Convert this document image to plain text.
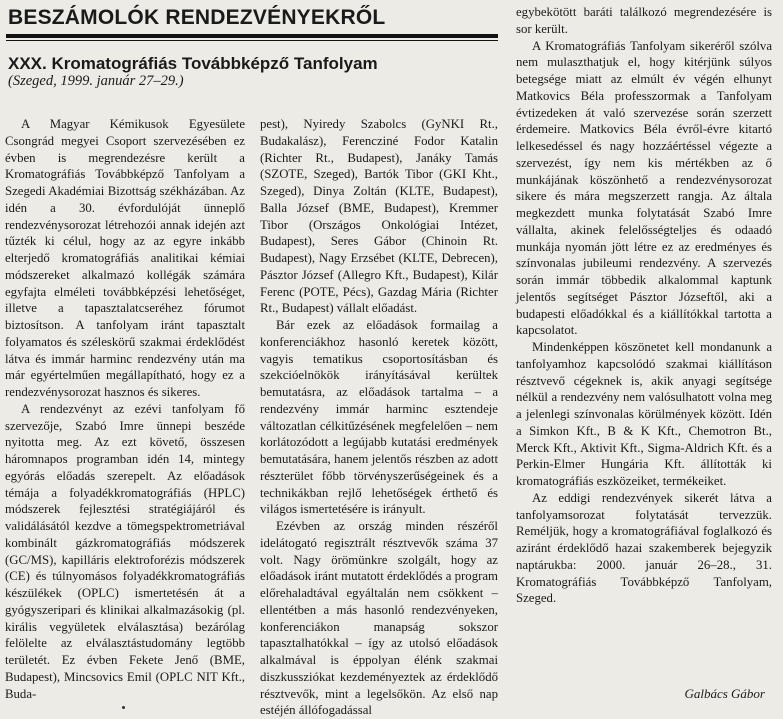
BESZÁMOLÓK RENDEZVÉNYEKRŐL
XXX. Kromatográfiás Továbbképző Tanfolyam
(Szeged, 1999. január 27–29.)

A Magyar Kémikusok Egyesülete Csongrád megyei Csoport szervezésében ez évben is megrendezésre került a Kromatográfiás Továbbképző Tanfolyam a Szegedi Akadémiai Bizottság székházában. Az idén a 30. évfordulóját ünneplő rendezvénysorozat létrehozói annak idején azt tűzték ki célul, hogy az az egyre inkább elterjedő kromatográfiás analitikai kémiai módszereket alkalmazó kollégák számára egyfajta elméleti továbbképzési lehetőséget, illetve a tapasztalatcseréhez fórumot biztosítson. A tanfolyam iránt tapasztalt folyamatos és széleskörű szakmai érdeklődést látva és immár harminc rendezvény után ma már egyértelműen megállapítható, hogy ez a rendezvénysorozat hasznos és sikeres.

A rendezvényt az ezévi tanfolyam fő szervezője, Szabó Imre ünnepi beszéde nyitotta meg. Az ezt követő, összesen háromnapos programban idén 14, mintegy egyórás előadás szerepelt. Az előadások témája a folyadékkromatográfiás (HPLC) módszerek fejlesztési stratégiájáról és validálásától kezdve a tömegspektrometriával kombinált gázkromatográfiás módszerek (GC/MS), kapilláris elektroforézis módszerek (CE) és túlnyomásos folyadékkromatográfiás készülékek (OPLC) ismertetésén át a gyógyszeripari és klinikai alkalmazásokig (pl. királis vegyületek elválasztása) bezárólag felölelte az elválasztástudomány legtöbb területét. Ez évben Fekete Jenő (BME, Budapest), Mincsovics Emil (OPLC NIT Kft., Buda-

pest), Nyiredy Szabolcs (GyNKI Rt., Budakalász), Ferencziné Fodor Katalin (Richter Rt., Budapest), Janáky Tamás (SZOTE, Szeged), Bartók Tibor (GKI Kht., Szeged), Dinya Zoltán (KLTE, Budapest), Balla József (BME, Budapest), Kremmer Tibor (Országos Onkológiai Intézet, Budapest), Seres Gábor (Chinoin Rt. Budapest), Nagy Erzsébet (KLTE, Debrecen), Pásztor József (Allegro Kft., Budapest), Kilár Ferenc (POTE, Pécs), Gazdag Mária (Richter Rt., Budapest) vállalt előadást.

Bár ezek az előadások formailag a konferenciákhoz hasonló keretek között, vagyis tematikus csoportosításban és szekcióelnökök irányításával kerültek bemutatásra, az előadások tartalma – a rendezvény immár harminc esztendeje változatlan célkitűzésének megfelelően – nem korlátozódott a legújabb kutatási eredmények bemutatására, hanem jelentős részben az adott részterület főbb törvényszerűségeinek és a technikákban rejlő lehetőségek érthető és világos ismertetésére is irányult.

Ezévben az ország minden részéről idelátogató regisztrált résztvevők száma 37 volt. Nagy örömünkre szolgált, hogy az előadások iránt mutatott érdeklődés a program előrehaladtával egyáltalán nem csökkent – ellentétben a más hasonló rendezvényeken, konferenciákon manapság sokszor tapasztalhatókkal – így az utolsó előadások alkalmával is éppolyan élénk szakmai diszkussziókat kezdeményeztek az érdeklődő résztvevők, mint a legelsőkön. Az első nap estéjén állófogadással

egybekötött baráti találkozó megrendezésére is sor került.

A Kromatográfiás Tanfolyam sikeréről szólva nem mulaszthatjuk el, hogy kitérjünk súlyos betegsége miatt az elmúlt év végén elhunyt Matkovics Béla professzormak a Tanfolyam évtizedeken át való szervezése során szerzett érdemeire. Matkovics Béla évről-évre kitartó lelkesedéssel és nagy hozzáértéssel végezte a szervezést, így nem kis mértékben az ő munkájának köszönhető a rendezvénysorozat sikere és mára megszerzett rangja. Az általa megkezdett munka folytatását Szabó Imre vállalta, akinek felelősségteljes és odaadó munkája nyomán jött létre ez az eredményes és színvonalas jubileumi rendezvény. A szervezés során immár többedik alkalommal kaptunk jelentős segítséget Pásztor Józseftől, aki a budapesti előadókkal és a kiállítókkal tartotta a kapcsolatot.

Mindenképpen köszönetet kell mondanunk a tanfolyamhoz kapcsolódó szakmai kiállításon résztvevő cégeknek is, akik anyagi segítsége nélkül a rendezvény nem valósulhatott volna meg a jelenlegi színvonalas körülmények között. Idén a Simkon Kft., B & K Kft., Chemotron Bt., Merck Kft., Aktivit Kft., Sigma-Aldrich Kft. és a Perkin-Elmer Hungária Kft. állították ki kromatográfiás eszközeiket, termékeiket.

Az eddigi rendezvények sikerét látva a tanfolyamsorozat folytatását tervezzük. Reméljük, hogy a kromatográfiával foglalkozó és aziránt érdeklődő hazai szakemberek bejegyzik naptárukba: 2000. január 26–28., 31. Kromatográfiás Továbbképző Tanfolyam, Szeged.

Galbács Gábor
